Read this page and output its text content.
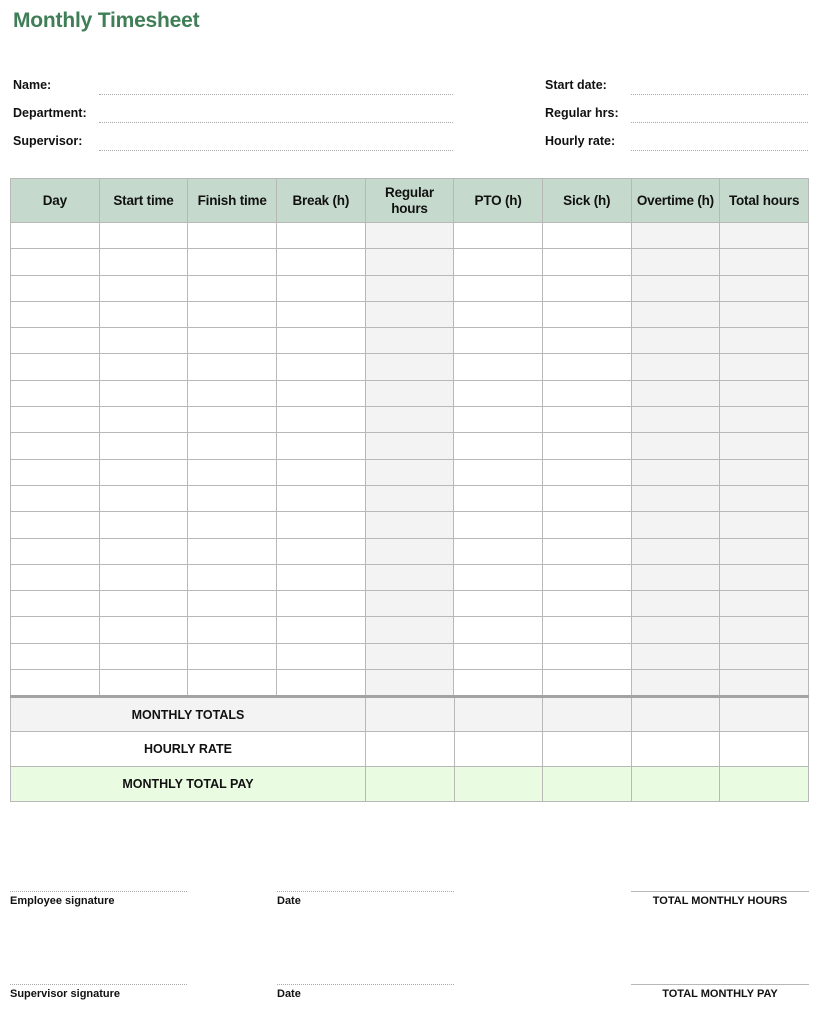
Monthly Timesheet
Name:
Department:
Supervisor:
Start date:
Regular hrs:
Hourly rate:
Day	Start time	Finish time	Break (h)	Regular hours	PTO (h)	Sick (h)	Overtime (h)	Total hours

MONTHLY TOTALS					
HOURLY RATE					
MONTHLY TOTAL PAY					
Employee signature	Date	TOTAL MONTHLY HOURS
Supervisor signature	Date	TOTAL MONTHLY PAY
